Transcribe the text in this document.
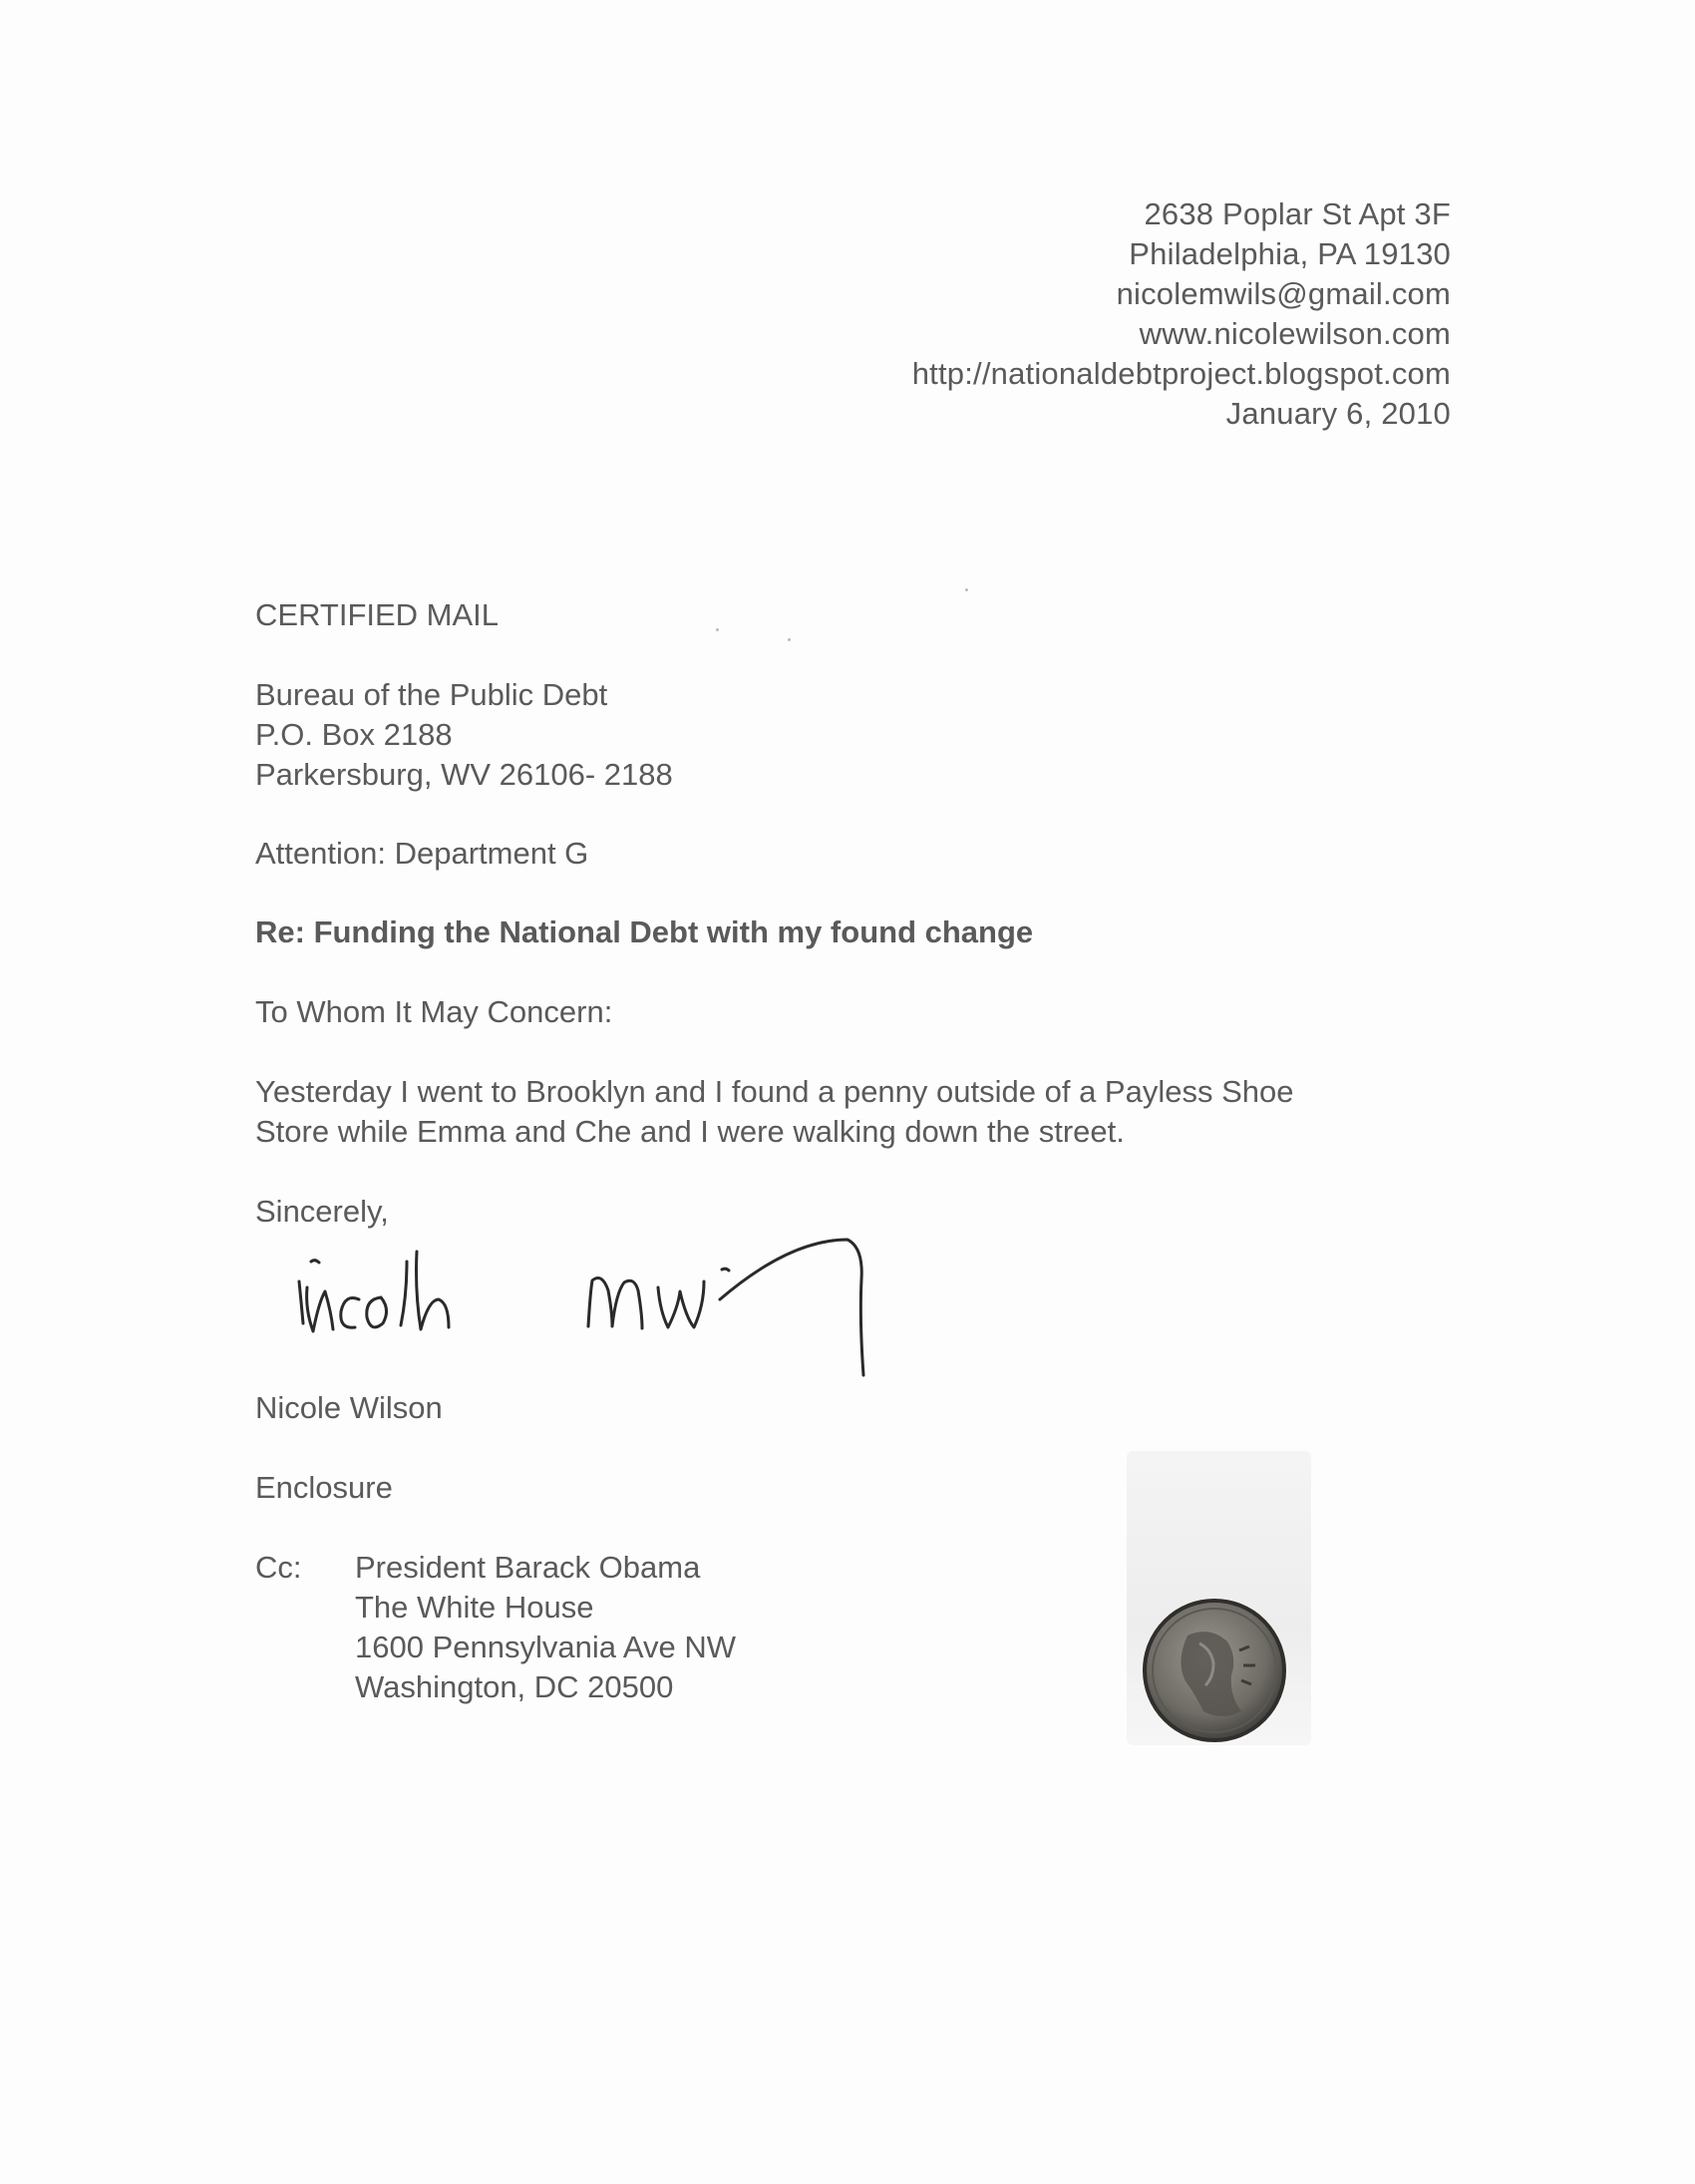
2638 Poplar St Apt 3F
Philadelphia, PA 19130
nicolemwils@gmail.com
www.nicolewilson.com
http://nationaldebtproject.blogspot.com
January 6, 2010
CERTIFIED MAIL
Bureau of the Public Debt
P.O. Box 2188
Parkersburg, WV 26106- 2188
Attention: Department G
Re: Funding the National Debt with my found change
To Whom It May Concern:
Yesterday I went to Brooklyn and I found a penny outside of a Payless Shoe
Store while Emma and Che and I were walking down the street.
Sincerely,
Nicole Wilson
Enclosure
Cc: President Barack Obama
The White House
1600 Pennsylvania Ave NW
Washington, DC 20500
